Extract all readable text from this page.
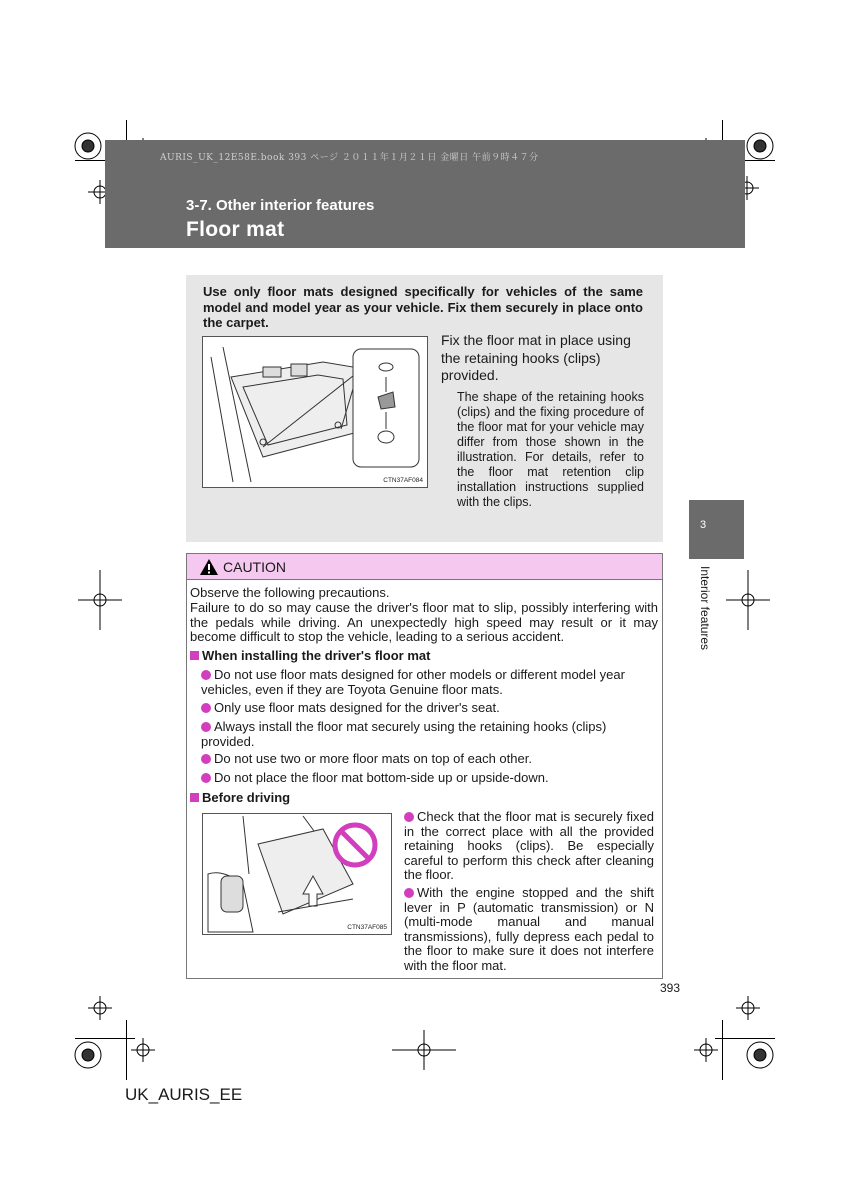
AURIS_UK_12E58E.book 393 ページ ２０１１年１月２１日 金曜日 午前９時４７分
3-7. Other interior features
Floor mat
Use only floor mats designed specifically for vehicles of the same model and model year as your vehicle. Fix them securely in place onto the carpet.
CTN37AF084
Fix the floor mat in place using the retaining hooks (clips) provided.
The shape of the retaining hooks (clips) and the fixing procedure of the floor mat for your vehicle may differ from those shown in the illustration. For details, refer to the floor mat retention clip installation instructions supplied with the clips.
CAUTION
Observe the following precautions.
Failure to do so may cause the driver's floor mat to slip, possibly interfering with the pedals while driving. An unexpectedly high speed may result or it may become difficult to stop the vehicle, leading to a serious accident.
When installing the driver's floor mat
Do not use floor mats designed for other models or different model year vehicles, even if they are Toyota Genuine floor mats.
Only use floor mats designed for the driver's seat.
Always install the floor mat securely using the retaining hooks (clips) provided.
Do not use two or more floor mats on top of each other.
Do not place the floor mat bottom-side up or upside-down.
Before driving
CTN37AF085
Check that the floor mat is securely fixed in the correct place with all the provided retaining hooks (clips). Be especially careful to perform this check after cleaning the floor.
With the engine stopped and the shift lever in P (automatic transmission) or N (multi-mode manual and manual transmissions), fully depress each pedal to the floor to make sure it does not interfere with the floor mat.
3
Interior features
393
UK_AURIS_EE
